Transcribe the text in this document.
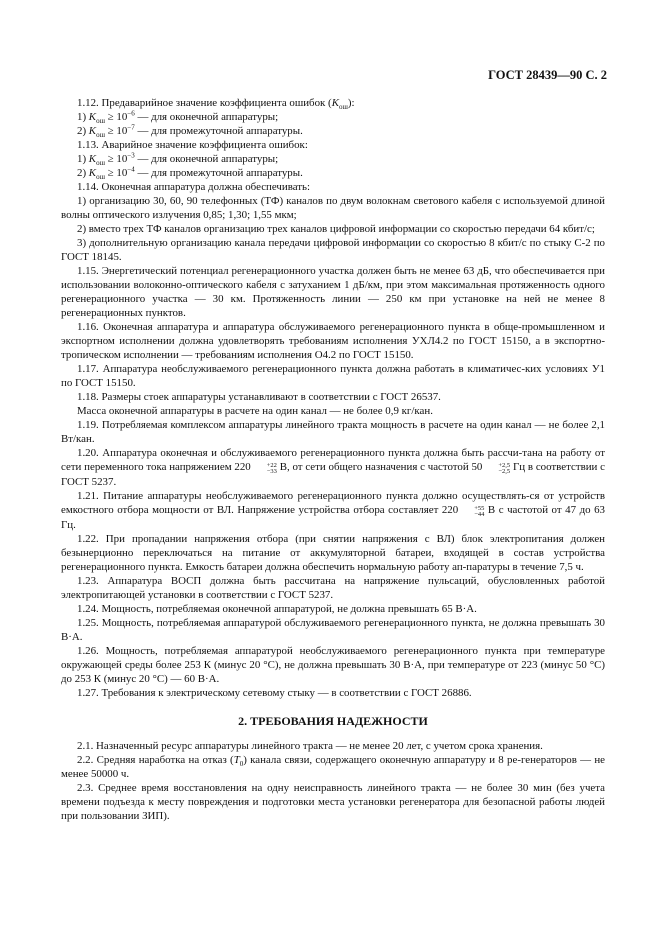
ГОСТ 28439—90 С. 2

1.12. Предаварийное значение коэффициента ошибок $(K_{ош})$:

1) $K_{ош} \ge 10^{-6}$ — для оконечной аппаратуры;

2) $K_{ош} \ge 10^{-7}$ — для промежуточной аппаратуры.

1.13. Аварийное значение коэффициента ошибок:

1) $K_{ош} \ge 10^{-3}$ — для оконечной аппаратуры;

2) $K_{ош} \ge 10^{-4}$ — для промежуточной аппаратуры.

1.14. Оконечная аппаратура должна обеспечивать:

1) организацию 30, 60, 90 телефонных (ТФ) каналов по двум волокнам светового кабеля с используемой длиной волны оптического излучения 0,85; 1,30; 1,55 мкм;

2) вместо трех ТФ каналов организацию трех каналов цифровой информации со скоростью передачи 64 кбит/с;

3) дополнительную организацию канала передачи цифровой информации со скоростью 8 кбит/с по стыку С-2 по ГОСТ 18145.

1.15. Энергетический потенциал регенерационного участка должен быть не менее 63 дБ, что обеспечивается при использовании волоконно-оптического кабеля с затуханием 1 дБ/км, при этом максимальная протяженность одного регенерационного участка — 30 км. Протяженность линии — 250 км при установке на ней не менее 8 регенерационных пунктов.

1.16. Оконечная аппаратура и аппаратура обслуживаемого регенерационного пункта в обще-промышленном и экспортном исполнении должна удовлетворять требованиям исполнения УХЛ4.2 по ГОСТ 15150, а в экспортно-тропическом исполнении — требованиям исполнения О4.2 по ГОСТ 15150.

1.17. Аппаратура необслуживаемого регенерационного пункта должна работать в климатичес-ких условиях У1 по ГОСТ 15150.

1.18. Размеры стоек аппаратуры устанавливают в соответствии с ГОСТ 26537.

Масса оконечной аппаратуры в расчете на один канал — не более 0,9 кг/кан.

1.19. Потребляемая комплексом аппаратуры линейного тракта мощность в расчете на один канал — не более 2,1 Вт/кан.

1.20. Аппаратура оконечная и обслуживаемого регенерационного пункта должна быть рассчи-тана на работу от сети переменного тока напряжением 220	+22
−33 В, от сети общего назначения с частотой 50	+2,5
−2,5 Гц в соответствии с ГОСТ 5237.

1.21. Питание аппаратуры необслуживаемого регенерационного пункта должно осуществлять-ся от устройств емкостного отбора мощности от ВЛ. Напряжение устройства отбора составляет 220	+55
−44 В с частотой от 47 до 63 Гц.

1.22. При пропадании напряжения отбора (при снятии напряжения с ВЛ) блок электропитания должен безынерционно переключаться на питание от аккумуляторной батареи, входящей в состав устройства регенерационного пункта. Емкость батареи должна обеспечить нормальную работу ап-паратуры в течение 7,5 ч.

1.23. Аппаратура ВОСП должна быть рассчитана на напряжение пульсаций, обусловленных работой электропитающей установки в соответствии с ГОСТ 5237.

1.24. Мощность, потребляемая оконечной аппаратурой, не должна превышать 65 В·А.

1.25. Мощность, потребляемая аппаратурой обслуживаемого регенерационного пункта, не должна превышать 30 В·А.

1.26. Мощность, потребляемая аппаратурой необслуживаемого регенерационного пункта при температуре окружающей среды более 253 К (минус 20 °С), не должна превышать 30 В·А, при температуре от 223 (минус 50 °С) до 253 К (минус 20 °С) — 60 В·А.

1.27. Требования к электрическому сетевому стыку — в соответствии с ГОСТ 26886.

2. ТРЕБОВАНИЯ НАДЕЖНОСТИ

2.1. Назначенный ресурс аппаратуры линейного тракта — не менее 20 лет, с учетом срока хранения.

2.2. Средняя наработка на отказ $(T_0)$ канала связи, содержащего оконечную аппаратуру и 8 ре-генераторов — не менее 50000 ч.

2.3. Среднее время восстановления на одну неисправность линейного тракта — не более 30 мин (без учета времени подъезда к месту повреждения и подготовки места установки регенератора для безопасной работы людей при пользовании ЗИП).
